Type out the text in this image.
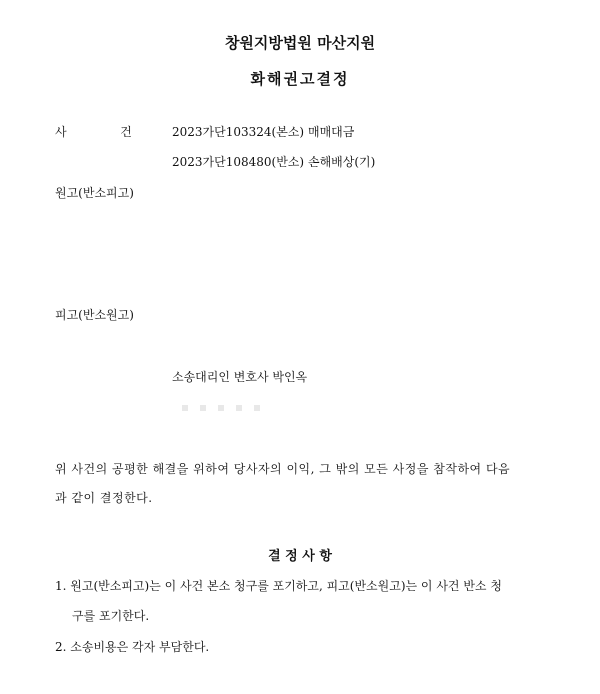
창원지방법원 마산지원
화해권고결정
사	건	2023가단103324(본소) 매매대금
2023가단108480(반소) 손해배상(기)
원고(반소피고)
피고(반소원고)
소송대리인 변호사 박인옥
위 사건의 공평한 해결을 위하여 당사자의 이익, 그 밖의 모든 사정을 참작하여 다음
과 같이 결정한다.
결 정 사 항
1. 원고(반소피고)는 이 사건 본소 청구를 포기하고, 피고(반소원고)는 이 사건 반소 청
구를 포기한다.
2. 소송비용은 각자 부담한다.
